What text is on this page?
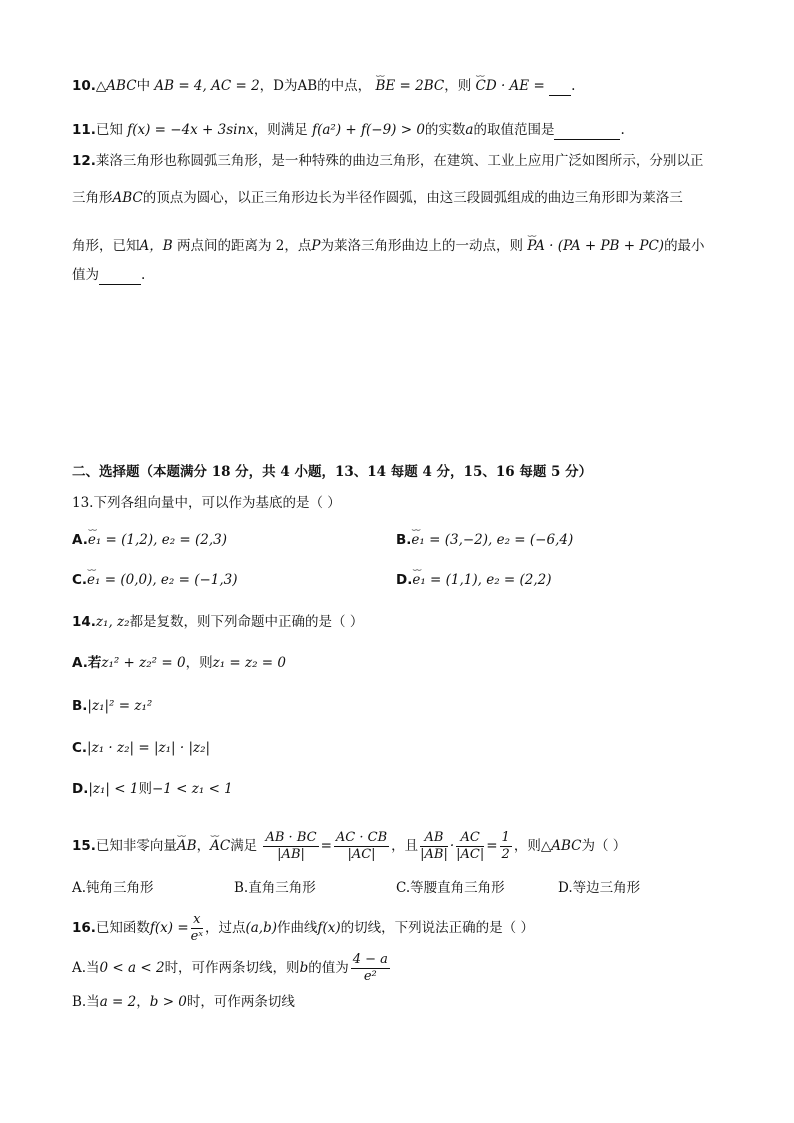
10.△ABC中 AB = 4, AC = 2，D为AB的中点， ⌣⌣ BE = 2BC，则 ⌣⌣ CD · AE = .
11.已知 f(x) = −4x + 3sinx，则满足 f(a²) + f(−9) > 0的实数a的取值范围是	.
12.莱洛三角形也称圆弧三角形，是一种特殊的曲边三角形，在建筑、工业上应用广泛如图所示，分别以正
三角形ABC的顶点为圆心，以正三角形边长为半径作圆弧，由这三段圆弧组成的曲边三角形即为莱洛三
角形，已知A，B 两点间的距离为 2，点P为莱洛三角形曲边上的一动点，则 ⌣⌣ PA · (PA + PB + PC)的最小
值为	.
二、选择题（本题满分 18 分，共 4 小题，13、14 每题 4 分，15、16 每题 5 分）
13.下列各组向量中，可以作为基底的是（ ）
A.⌣⌣ e₁ = (1,2), e₂ = (2,3)	B.⌣⌣ e₁ = (3,−2), e₂ = (−6,4)
C.⌣⌣ e₁ = (0,0), e₂ = (−1,3)	D.⌣⌣ e₁ = (1,1), e₂ = (2,2)
14.z₁, z₂都是复数，则下列命题中正确的是（ ）
A.若z₁² + z₂² = 0，则z₁ = z₂ = 0
B.|z₁|² = z₁²
C.|z₁ · z₂| = |z₁| · |z₂|
D.|z₁| < 1则−1 < z₁ < 1
15.已知非零向量⌣⌣ AB，⌣⌣ AC满足 $\frac{AB \cdot BC}{|AB|} = \frac{AC \cdot CB}{|AC|}$ ，且 $\frac{AB}{|AB|} \cdot \frac{AC}{|AC|} = \frac{1}{2}$ ，则△ABC为（ ）
A.钝角三角形	B.直角三角形	C.等腰直角三角形	D.等边三角形
16.已知函数$f(x) = \frac{x}{\text{eˣ}}$ ，过点(a,b)作曲线f(x)的切线，下列说法正确的是（ ）
A.当0 < a < 2时，可作两条切线，则b的值为 $\frac{4 - a}{\text{e²}}$
B.当a = 2，b > 0时，可作两条切线
